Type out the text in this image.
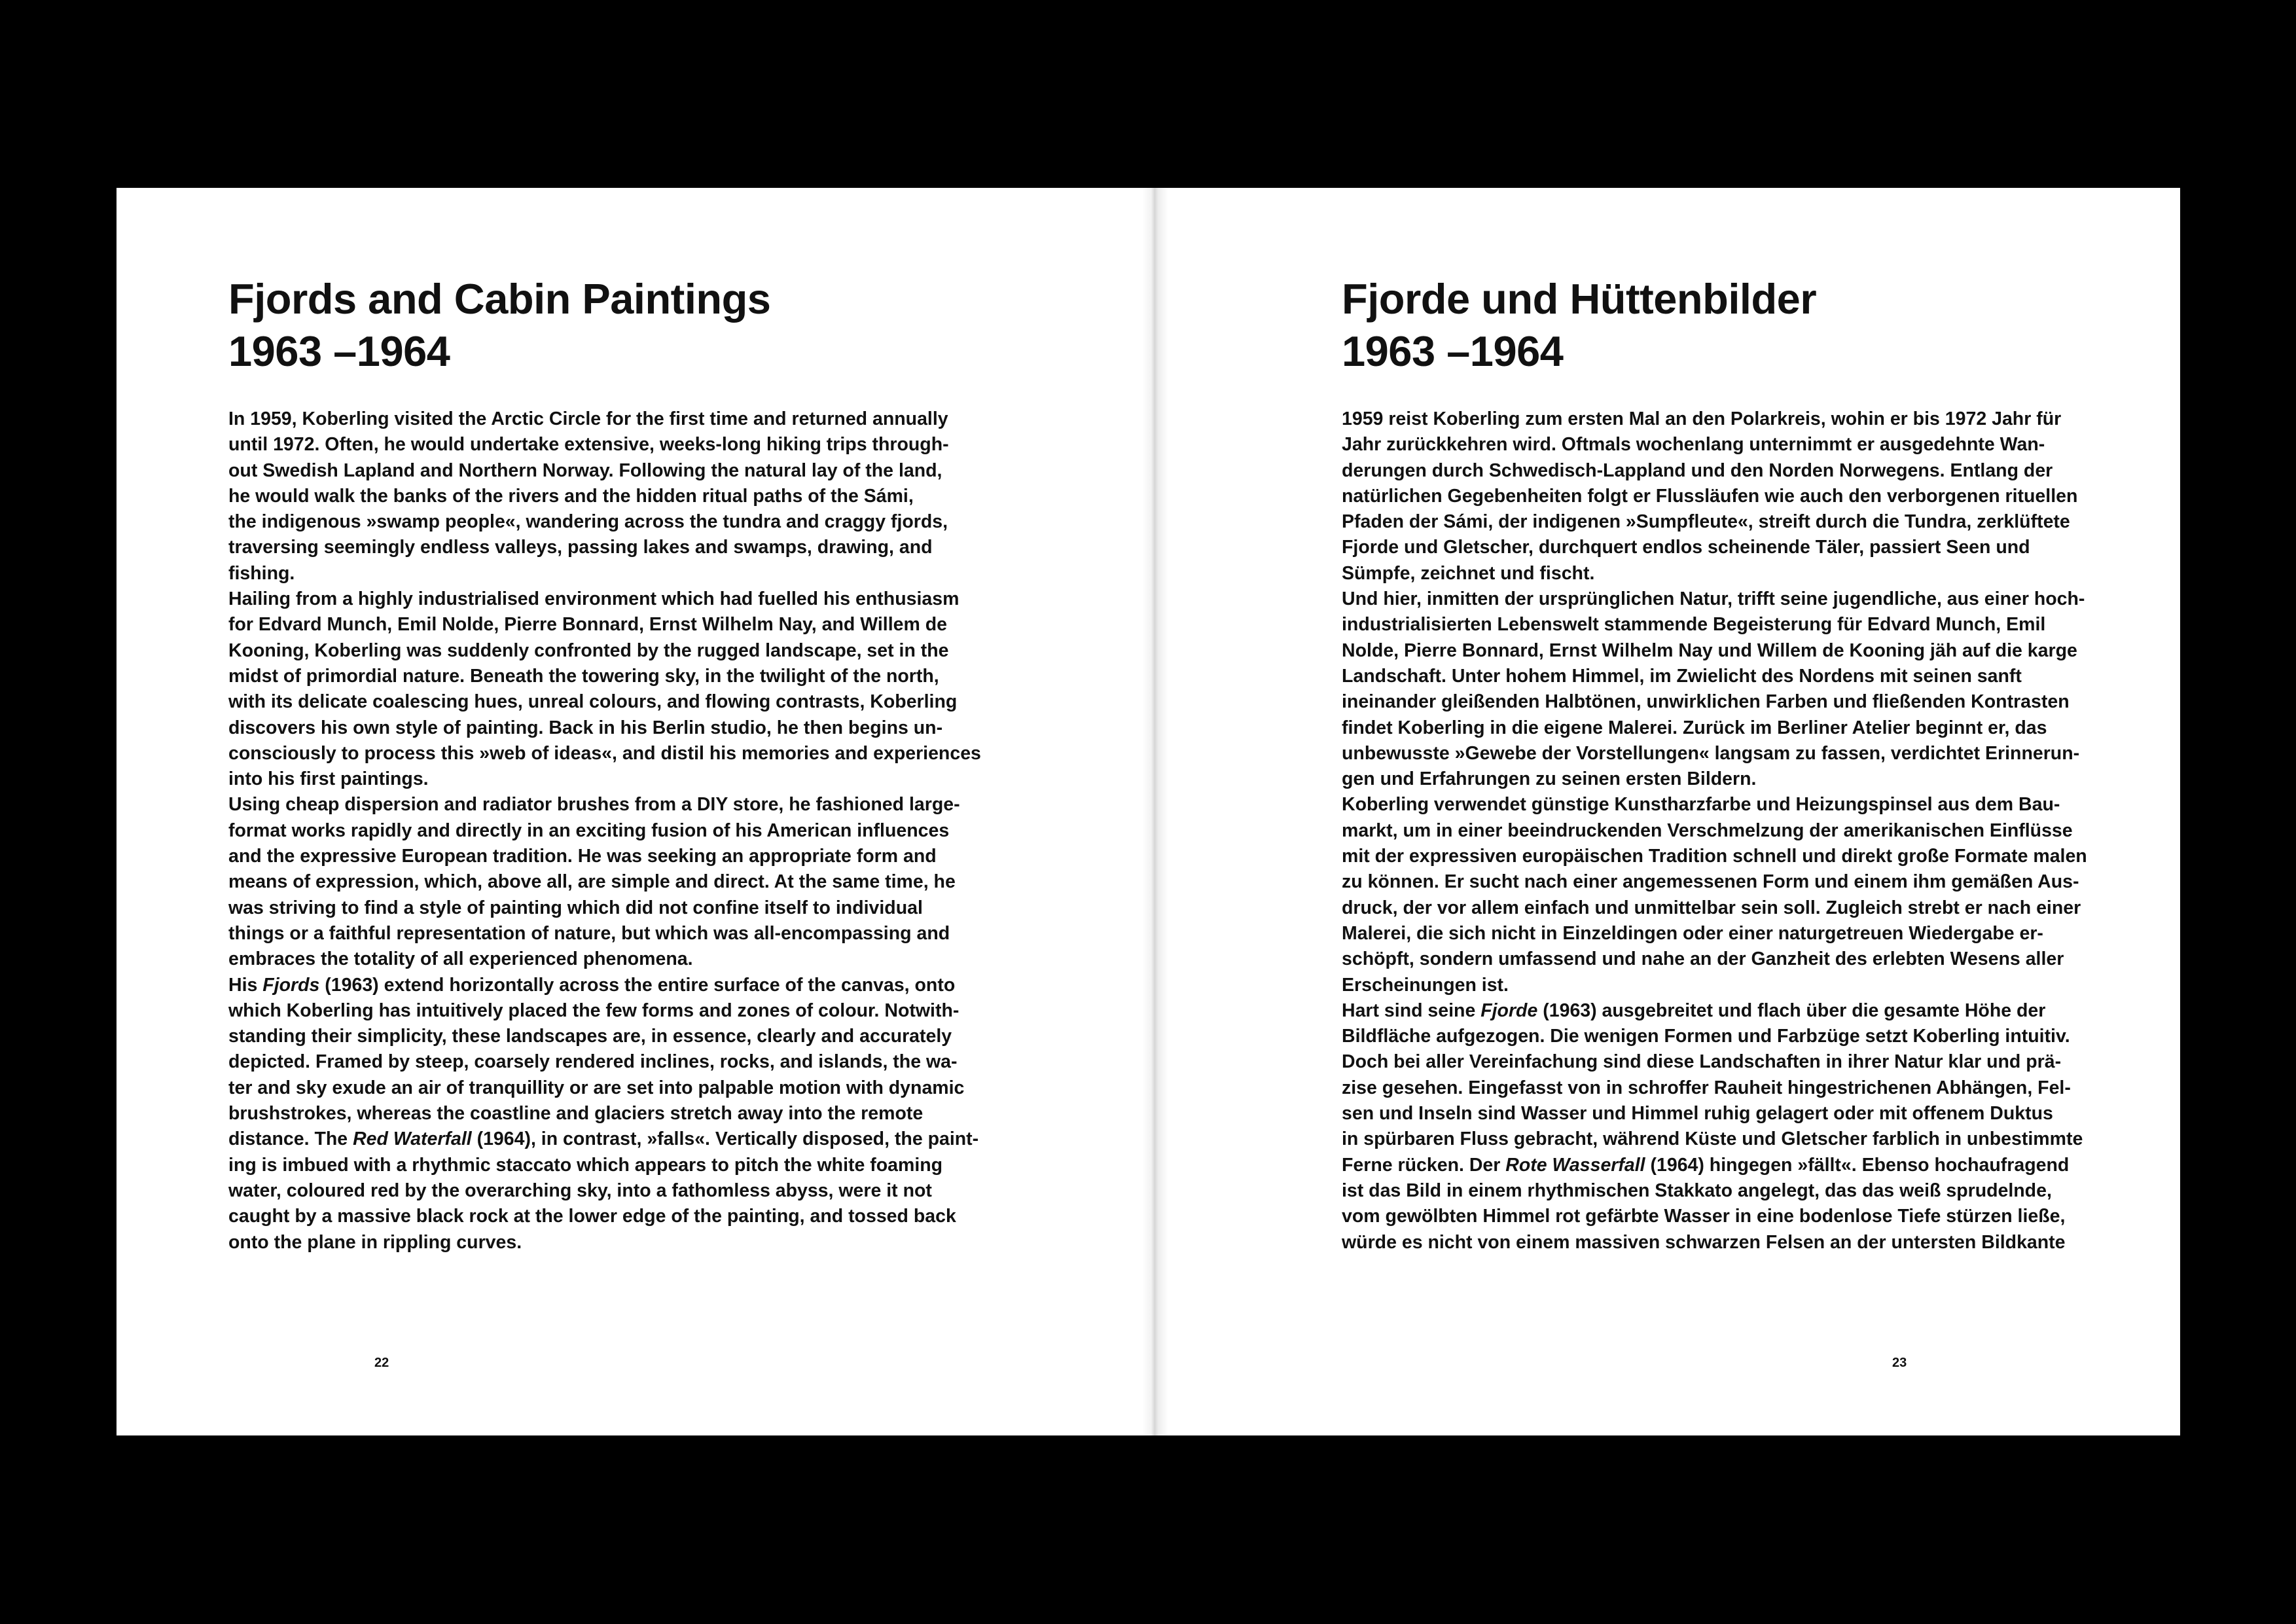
Fjords and Cabin Paintings
1963 –1964
In 1959, Koberling visited the Arctic Circle for the first time and returned annually
until 1972. Often, he would undertake extensive, weeks-long hiking trips through-
out Swedish Lapland and Northern Norway. Following the natural lay of the land,
he would walk the banks of the rivers and the hidden ritual paths of the Sámi,
the indigenous »swamp people«, wandering across the tundra and craggy fjords,
traversing seemingly endless valleys, passing lakes and swamps, drawing, and
fishing.
Hailing from a highly industrialised environment which had fuelled his enthusiasm
for Edvard Munch, Emil Nolde, Pierre Bonnard, Ernst Wilhelm Nay, and Willem de
Kooning, Koberling was suddenly confronted by the rugged landscape, set in the
midst of primordial nature. Beneath the towering sky, in the twilight of the north,
with its delicate coalescing hues, unreal colours, and flowing contrasts, Koberling
discovers his own style of painting. Back in his Berlin studio, he then begins un-
consciously to process this »web of ideas«, and distil his memories and experiences
into his first paintings.
Using cheap dispersion and radiator brushes from a DIY store, he fashioned large-
format works rapidly and directly in an exciting fusion of his American influences
and the expressive European tradition. He was seeking an appropriate form and
means of expression, which, above all, are simple and direct. At the same time, he
was striving to find a style of painting which did not confine itself to individual
things or a faithful representation of nature, but which was all-encompassing and
embraces the totality of all experienced phenomena.
His Fjords (1963) extend horizontally across the entire surface of the canvas, onto
which Koberling has intuitively placed the few forms and zones of colour. Notwith-
standing their simplicity, these landscapes are, in essence, clearly and accurately
depicted. Framed by steep, coarsely rendered inclines, rocks, and islands, the wa-
ter and sky exude an air of tranquillity or are set into palpable motion with dynamic
brushstrokes, whereas the coastline and glaciers stretch away into the remote
distance. The Red Waterfall (1964), in contrast, »falls«. Vertically disposed, the paint-
ing is imbued with a rhythmic staccato which appears to pitch the white foaming
water, coloured red by the overarching sky, into a fathomless abyss, were it not
caught by a massive black rock at the lower edge of the painting, and tossed back
onto the plane in rippling curves.
22
Fjorde und Hüttenbilder
1963 –1964
1959 reist Koberling zum ersten Mal an den Polarkreis, wohin er bis 1972 Jahr für
Jahr zurückkehren wird. Oftmals wochenlang unternimmt er ausgedehnte Wan-
derungen durch Schwedisch-Lappland und den Norden Norwegens. Entlang der
natürlichen Gegebenheiten folgt er Flussläufen wie auch den verborgenen rituellen
Pfaden der Sámi, der indigenen »Sumpfleute«, streift durch die Tundra, zerklüftete
Fjorde und Gletscher, durchquert endlos scheinende Täler, passiert Seen und
Sümpfe, zeichnet und fischt.
Und hier, inmitten der ursprünglichen Natur, trifft seine jugendliche, aus einer hoch-
industrialisierten Lebenswelt stammende Begeisterung für Edvard Munch, Emil
Nolde, Pierre Bonnard, Ernst Wilhelm Nay und Willem de Kooning jäh auf die karge
Landschaft. Unter hohem Himmel, im Zwielicht des Nordens mit seinen sanft
ineinander gleißenden Halbtönen, unwirklichen Farben und fließenden Kontrasten
findet Koberling in die eigene Malerei. Zurück im Berliner Atelier beginnt er, das
unbewusste »Gewebe der Vorstellungen« langsam zu fassen, verdichtet Erinnerun-
gen und Erfahrungen zu seinen ersten Bildern.
Koberling verwendet günstige Kunstharzfarbe und Heizungspinsel aus dem Bau-
markt, um in einer beeindruckenden Verschmelzung der amerikanischen Einflüsse
mit der expressiven europäischen Tradition schnell und direkt große Formate malen
zu können. Er sucht nach einer angemessenen Form und einem ihm gemäßen Aus-
druck, der vor allem einfach und unmittelbar sein soll. Zugleich strebt er nach einer
Malerei, die sich nicht in Einzeldingen oder einer naturgetreuen Wiedergabe er-
schöpft, sondern umfassend und nahe an der Ganzheit des erlebten Wesens aller
Erscheinungen ist.
Hart sind seine Fjorde (1963) ausgebreitet und flach über die gesamte Höhe der
Bildfläche aufgezogen. Die wenigen Formen und Farbzüge setzt Koberling intuitiv.
Doch bei aller Vereinfachung sind diese Landschaften in ihrer Natur klar und prä-
zise gesehen. Eingefasst von in schroffer Rauheit hingestrichenen Abhängen, Fel-
sen und Inseln sind Wasser und Himmel ruhig gelagert oder mit offenem Duktus
in spürbaren Fluss gebracht, während Küste und Gletscher farblich in unbestimmte
Ferne rücken. Der Rote Wasserfall (1964) hingegen »fällt«. Ebenso hochaufragend
ist das Bild in einem rhythmischen Stakkato angelegt, das das weiß sprudelnde,
vom gewölbten Himmel rot gefärbte Wasser in eine bodenlose Tiefe stürzen ließe,
würde es nicht von einem massiven schwarzen Felsen an der untersten Bildkante
23
